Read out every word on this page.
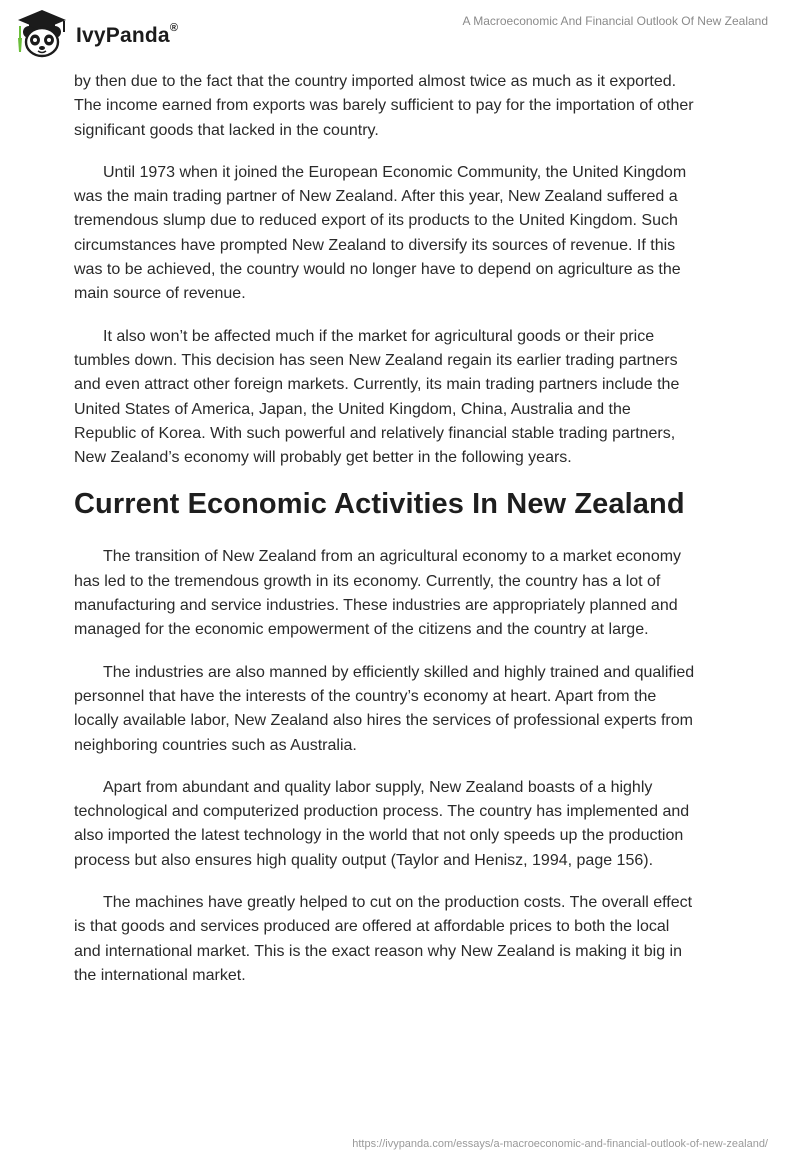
IvyPanda®	A Macroeconomic And Financial Outlook Of New Zealand

by then due to the fact that the country imported almost twice as much as it exported.
The income earned from exports was barely sufficient to pay for the importation of other
significant goods that lacked in the country.

Until 1973 when it joined the European Economic Community, the United Kingdom
was the main trading partner of New Zealand. After this year, New Zealand suffered a
tremendous slump due to reduced export of its products to the United Kingdom. Such
circumstances have prompted New Zealand to diversify its sources of revenue. If this
was to be achieved, the country would no longer have to depend on agriculture as the
main source of revenue.

It also won’t be affected much if the market for agricultural goods or their price
tumbles down. This decision has seen New Zealand regain its earlier trading partners
and even attract other foreign markets. Currently, its main trading partners include the
United States of America, Japan, the United Kingdom, China, Australia and the
Republic of Korea. With such powerful and relatively financial stable trading partners,
New Zealand’s economy will probably get better in the following years.

Current Economic Activities In New Zealand

The transition of New Zealand from an agricultural economy to a market economy
has led to the tremendous growth in its economy. Currently, the country has a lot of
manufacturing and service industries. These industries are appropriately planned and
managed for the economic empowerment of the citizens and the country at large.

The industries are also manned by efficiently skilled and highly trained and qualified
personnel that have the interests of the country’s economy at heart. Apart from the
locally available labor, New Zealand also hires the services of professional experts from
neighboring countries such as Australia.

Apart from abundant and quality labor supply, New Zealand boasts of a highly
technological and computerized production process. The country has implemented and
also imported the latest technology in the world that not only speeds up the production
process but also ensures high quality output (Taylor and Henisz, 1994, page 156).

The machines have greatly helped to cut on the production costs. The overall effect
is that goods and services produced are offered at affordable prices to both the local
and international market. This is the exact reason why New Zealand is making it big in
the international market.

https://ivypanda.com/essays/a-macroeconomic-and-financial-outlook-of-new-zealand/
